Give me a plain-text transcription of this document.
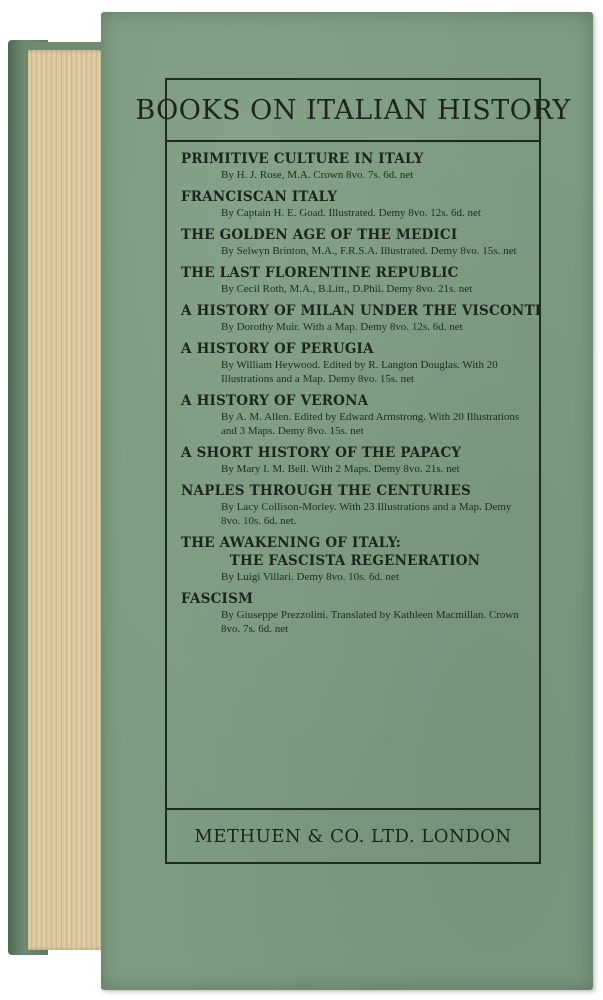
BOOKS ON ITALIAN HISTORY
PRIMITIVE CULTURE IN ITALY
By H. J. Rose, M.A. Crown 8vo. 7s. 6d. net
FRANCISCAN ITALY
By Captain H. E. Goad. Illustrated. Demy 8vo. 12s. 6d. net
THE GOLDEN AGE OF THE MEDICI
By Selwyn Brinton, M.A., F.R.S.A. Illustrated. Demy 8vo. 15s. net
THE LAST FLORENTINE REPUBLIC
By Cecil Roth, M.A., B.Litt., D.Phil. Demy 8vo. 21s. net
A HISTORY OF MILAN UNDER THE VISCONTI
By Dorothy Muir. With a Map. Demy 8vo. 12s. 6d. net
A HISTORY OF PERUGIA
By William Heywood. Edited by R. Langton Douglas. With 20 Illustrations and a Map. Demy 8vo. 15s. net
A HISTORY OF VERONA
By A. M. Allen. Edited by Edward Armstrong. With 20 Illustrations and 3 Maps. Demy 8vo. 15s. net
A SHORT HISTORY OF THE PAPACY
By Mary I. M. Bell. With 2 Maps. Demy 8vo. 21s. net
NAPLES THROUGH THE CENTURIES
By Lacy Collison-Morley. With 23 Illustrations and a Map. Demy 8vo. 10s. 6d. net.
THE AWAKENING OF ITALY:
THE FASCISTA REGENERATION
By Luigi Villari. Demy 8vo. 10s. 6d. net
FASCISM
By Giuseppe Prezzolini. Translated by Kathleen Macmillan. Crown 8vo. 7s. 6d. net
METHUEN & CO. LTD. LONDON
